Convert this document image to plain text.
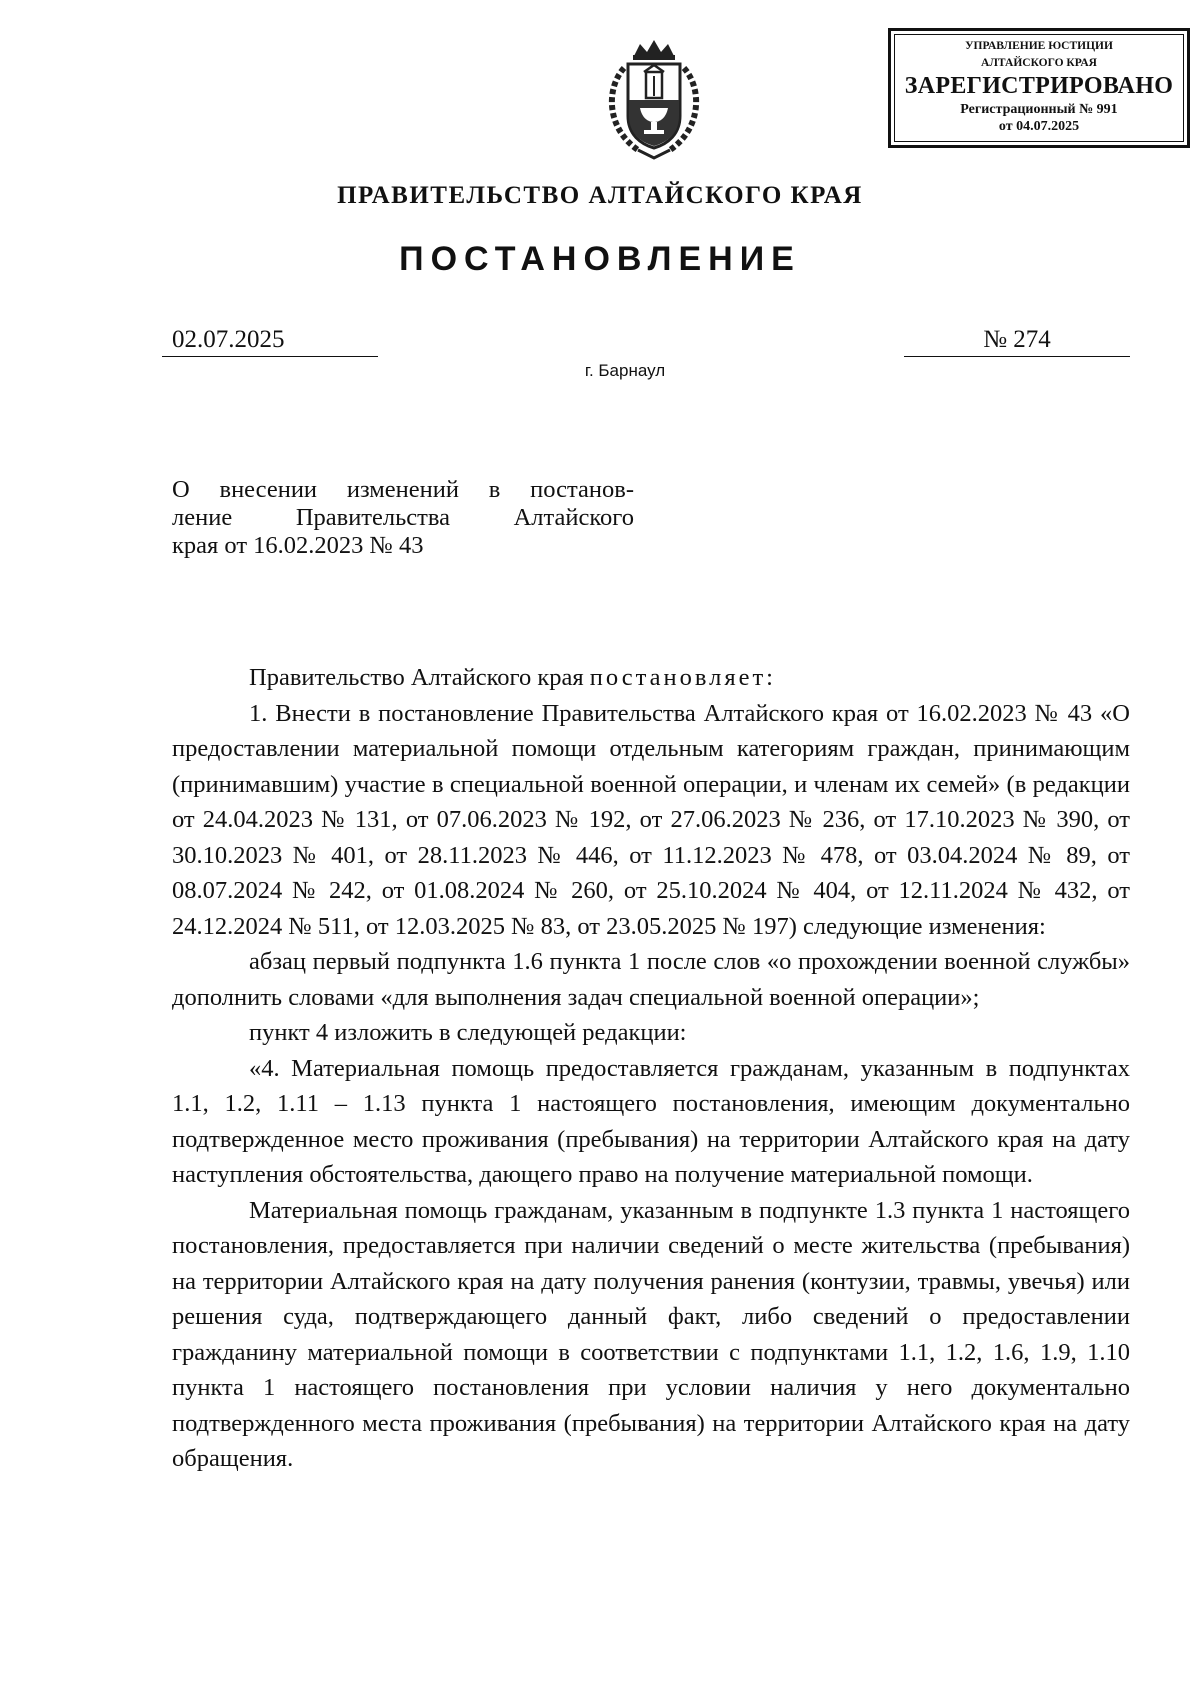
УПРАВЛЕНИЕ ЮСТИЦИИ
АЛТАЙСКОГО КРАЯ
ЗАРЕГИСТРИРОВАНО
Регистрационный № 991
от 04.07.2025
ПРАВИТЕЛЬСТВО АЛТАЙСКОГО КРАЯ
ПОСТАНОВЛЕНИЕ
02.07.2025	№ 274
г. Барнаул
О внесении изменений в постанов-
ление Правительства Алтайского
края от 16.02.2023 № 43

Правительство Алтайского края постановляет:

1. Внести в постановление Правительства Алтайского края от 16.02.2023 № 43 «О предоставлении материальной помощи отдельным категориям граждан, принимающим (принимавшим) участие в специальной военной операции, и членам их семей» (в редакции от 24.04.2023 № 131, от 07.06.2023 № 192, от 27.06.2023 № 236, от 17.10.2023 № 390, от 30.10.2023 № 401, от 28.11.2023 № 446, от 11.12.2023 № 478, от 03.04.2024 № 89, от 08.07.2024 № 242, от 01.08.2024 № 260, от 25.10.2024 № 404, от 12.11.2024 № 432, от 24.12.2024 № 511, от 12.03.2025 № 83, от 23.05.2025 № 197) следующие изменения:

абзац первый подпункта 1.6 пункта 1 после слов «о прохождении военной службы» дополнить словами «для выполнения задач специальной военной операции»;

пункт 4 изложить в следующей редакции:

«4. Материальная помощь предоставляется гражданам, указанным в подпунктах 1.1, 1.2, 1.11 – 1.13 пункта 1 настоящего постановления, имеющим документально подтвержденное место проживания (пребывания) на территории Алтайского края на дату наступления обстоятельства, дающего право на получение материальной помощи.

Материальная помощь гражданам, указанным в подпункте 1.3 пункта 1 настоящего постановления, предоставляется при наличии сведений о месте жительства (пребывания) на территории Алтайского края на дату получения ранения (контузии, травмы, увечья) или решения суда, подтверждающего данный факт, либо сведений о предоставлении гражданину материальной помощи в соответствии с подпунктами 1.1, 1.2, 1.6, 1.9, 1.10 пункта 1 настоящего постановления при условии наличия у него документально подтвержденного места проживания (пребывания) на территории Алтайского края на дату обращения.
